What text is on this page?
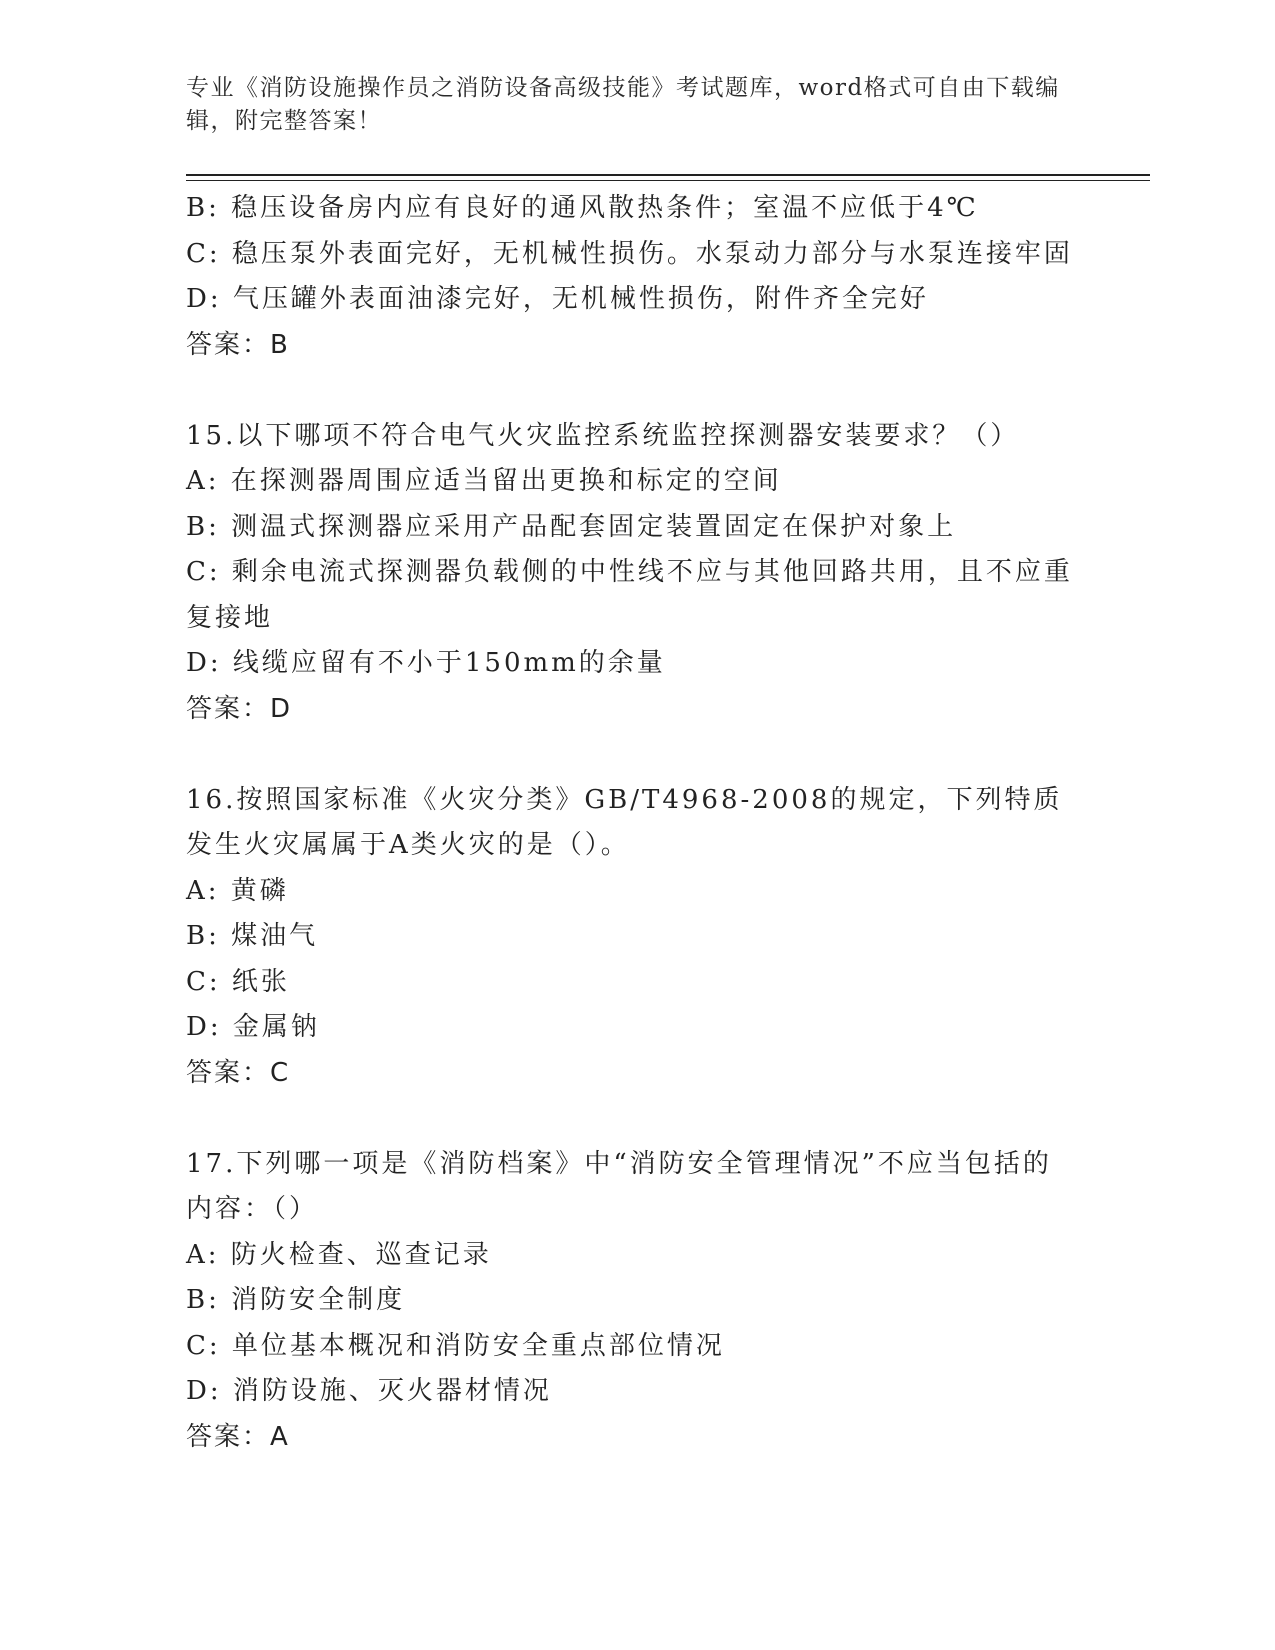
专业《消防设施操作员之消防设备高级技能》考试题库，word格式可自由下载编辑，附完整答案！
B: 稳压设备房内应有良好的通风散热条件；室温不应低于4℃
C: 稳压泵外表面完好，无机械性损伤。水泵动力部分与水泵连接牢固
D: 气压罐外表面油漆完好，无机械性损伤，附件齐全完好
答案：B
15.以下哪项不符合电气火灾监控系统监控探测器安装要求？（）
A: 在探测器周围应适当留出更换和标定的空间
B: 测温式探测器应采用产品配套固定装置固定在保护对象上
C: 剩余电流式探测器负载侧的中性线不应与其他回路共用，且不应重复接地
D: 线缆应留有不小于150mm的余量
答案：D
16.按照国家标准《火灾分类》GB/T4968-2008的规定，下列特质发生火灾属属于A类火灾的是（）。
A: 黄磷
B: 煤油气
C: 纸张
D: 金属钠
答案：C
17.下列哪一项是《消防档案》中“消防安全管理情况”不应当包括的内容：（）
A: 防火检查、巡查记录
B: 消防安全制度
C: 单位基本概况和消防安全重点部位情况
D: 消防设施、灭火器材情况
答案：A
